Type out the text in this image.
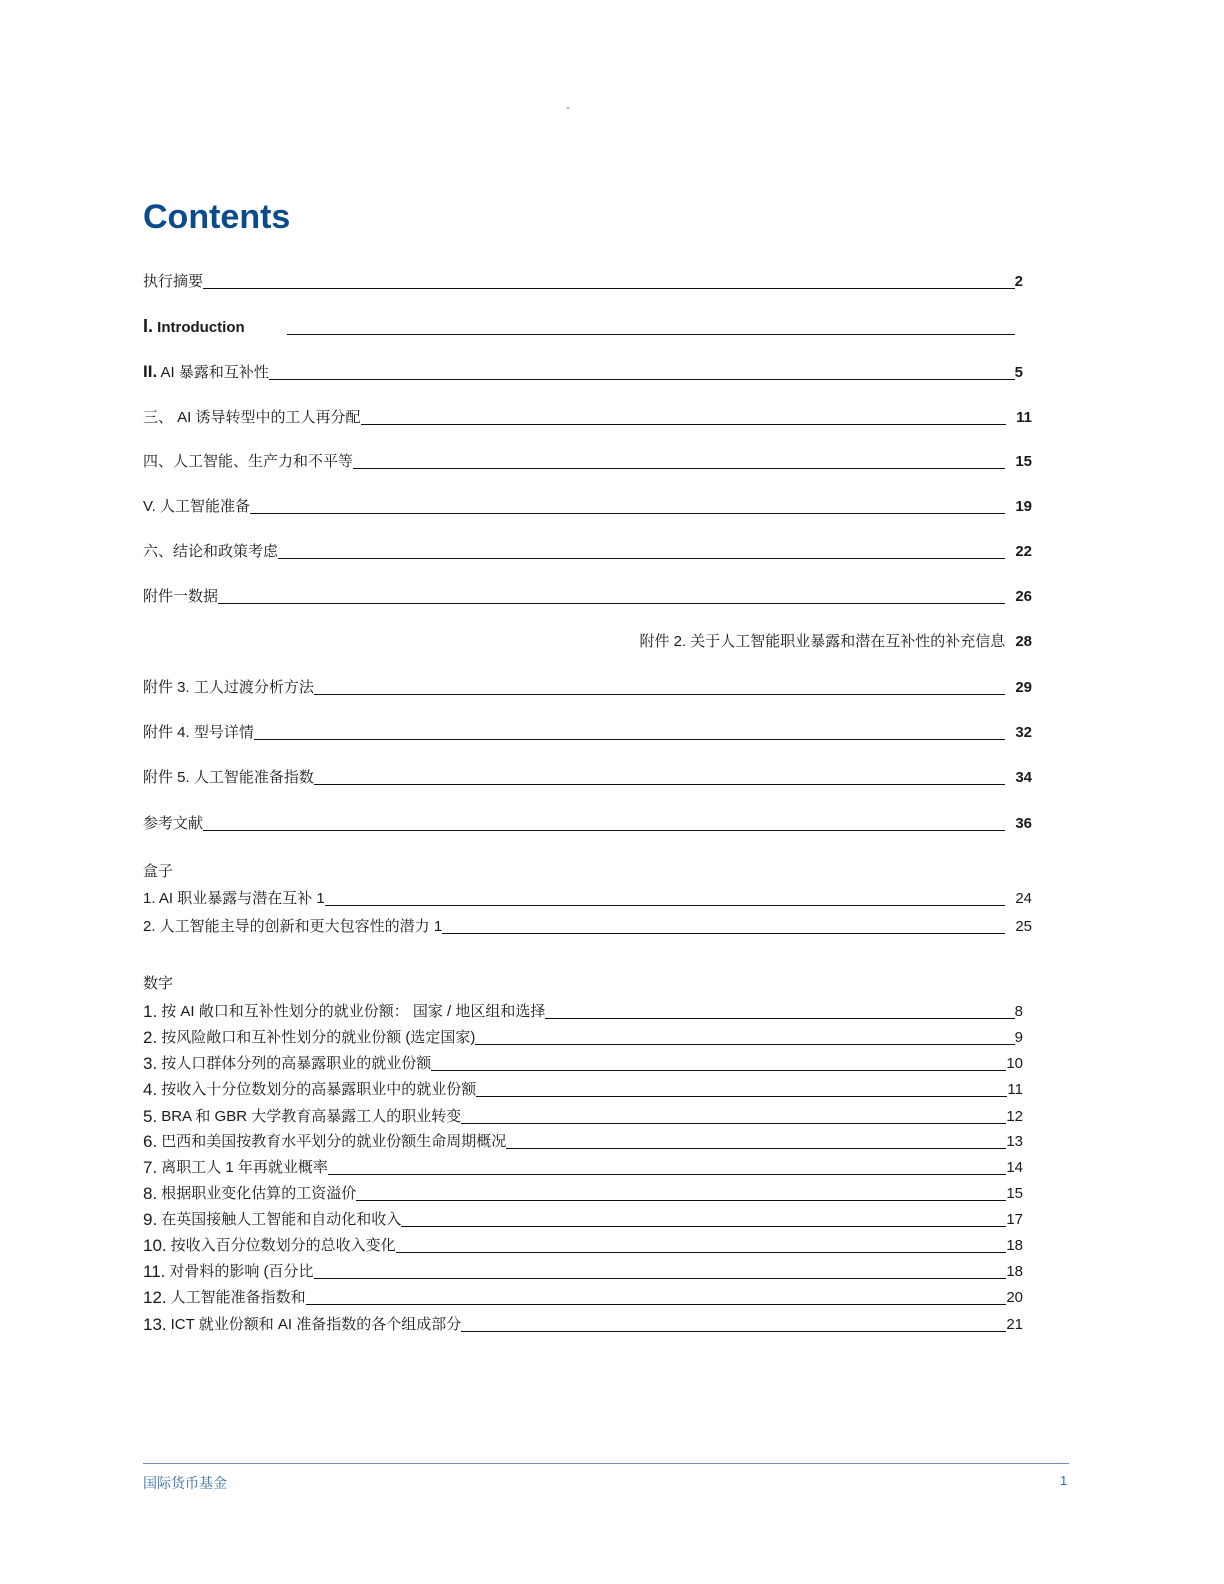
-
Contents
执行摘要	2
I. Introduction
II. AI 暴露和互补性	5
三、 AI 诱导转型中的工人再分配	11
四、人工智能、生产力和不平等	15
V. 人工智能准备	19
六、结论和政策考虑	22
附件一数据	26
附件 2. 关于人工智能职业暴露和潜在互补性的补充信息 28
附件 3. 工人过渡分析方法	29
附件 4. 型号详情	32
附件 5. 人工智能准备指数	34
参考文献	36
盒子
1. AI 职业暴露与潜在互补 1	24
2. 人工智能主导的创新和更大包容性的潜力 1	25
数字
1. 按 AI 敞口和互补性划分的就业份额： 国家 / 地区组和选择	8
2. 按风险敞口和互补性划分的就业份额 (选定国家)	9
3. 按人口群体分列的高暴露职业的就业份额	10
4. 按收入十分位数划分的高暴露职业中的就业份额	11
5. BRA 和 GBR 大学教育高暴露工人的职业转变	12
6. 巴西和美国按教育水平划分的就业份额生命周期概况	13
7. 离职工人 1 年再就业概率	14
8. 根据职业变化估算的工资溢价	15
9. 在英国接触人工智能和自动化和收入	17
10. 按收入百分位数划分的总收入变化	18
11. 对骨料的影响 (百分比	18
12. 人工智能准备指数和	20
13. ICT 就业份额和 AI 准备指数的各个组成部分	21
国际货币基金	1
